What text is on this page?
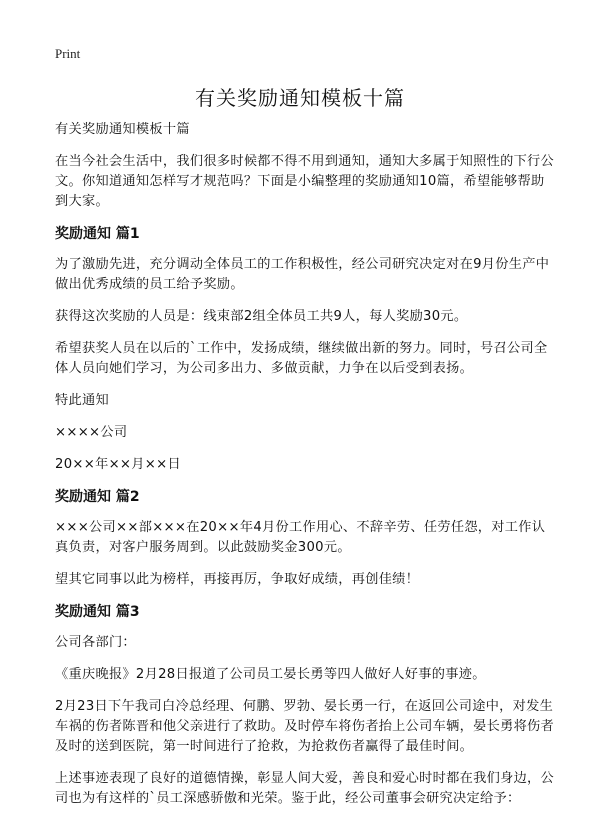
Print
有关奖励通知模板十篇
有关奖励通知模板十篇
在当今社会生活中，我们很多时候都不得不用到通知，通知大多属于知照性的下行公文。你知道通知怎样写才规范吗？下面是小编整理的奖励通知10篇，希望能够帮助到大家。
奖励通知 篇1
为了激励先进，充分调动全体员工的工作积极性，经公司研究决定对在9月份生产中做出优秀成绩的员工给予奖励。
获得这次奖励的人员是：线束部2组全体员工共9人，每人奖励30元。
希望获奖人员在以后的`工作中，发扬成绩，继续做出新的努力。同时，号召公司全体人员向她们学习，为公司多出力、多做贡献，力争在以后受到表扬。
特此通知
××××公司
20××年××月××日
奖励通知 篇2
×××公司××部×××在20××年4月份工作用心、不辞辛劳、任劳任怨，对工作认真负责，对客户服务周到。以此鼓励奖金300元。
望其它同事以此为榜样，再接再厉，争取好成绩，再创佳绩！
奖励通知 篇3
公司各部门：
《重庆晚报》2月28日报道了公司员工晏长勇等四人做好人好事的事迹。
2月23日下午我司白冷总经理、何鹏、罗勃、晏长勇一行，在返回公司途中，对发生车祸的伤者陈晋和他父亲进行了救助。及时停车将伤者抬上公司车辆，晏长勇将伤者及时的送到医院，第一时间进行了抢救，为抢救伤者赢得了最佳时间。
上述事迹表现了良好的道德情操，彰显人间大爱，善良和爱心时时都在我们身边，公司也为有这样的`员工深感骄傲和光荣。鉴于此，经公司董事会研究决定给予：
